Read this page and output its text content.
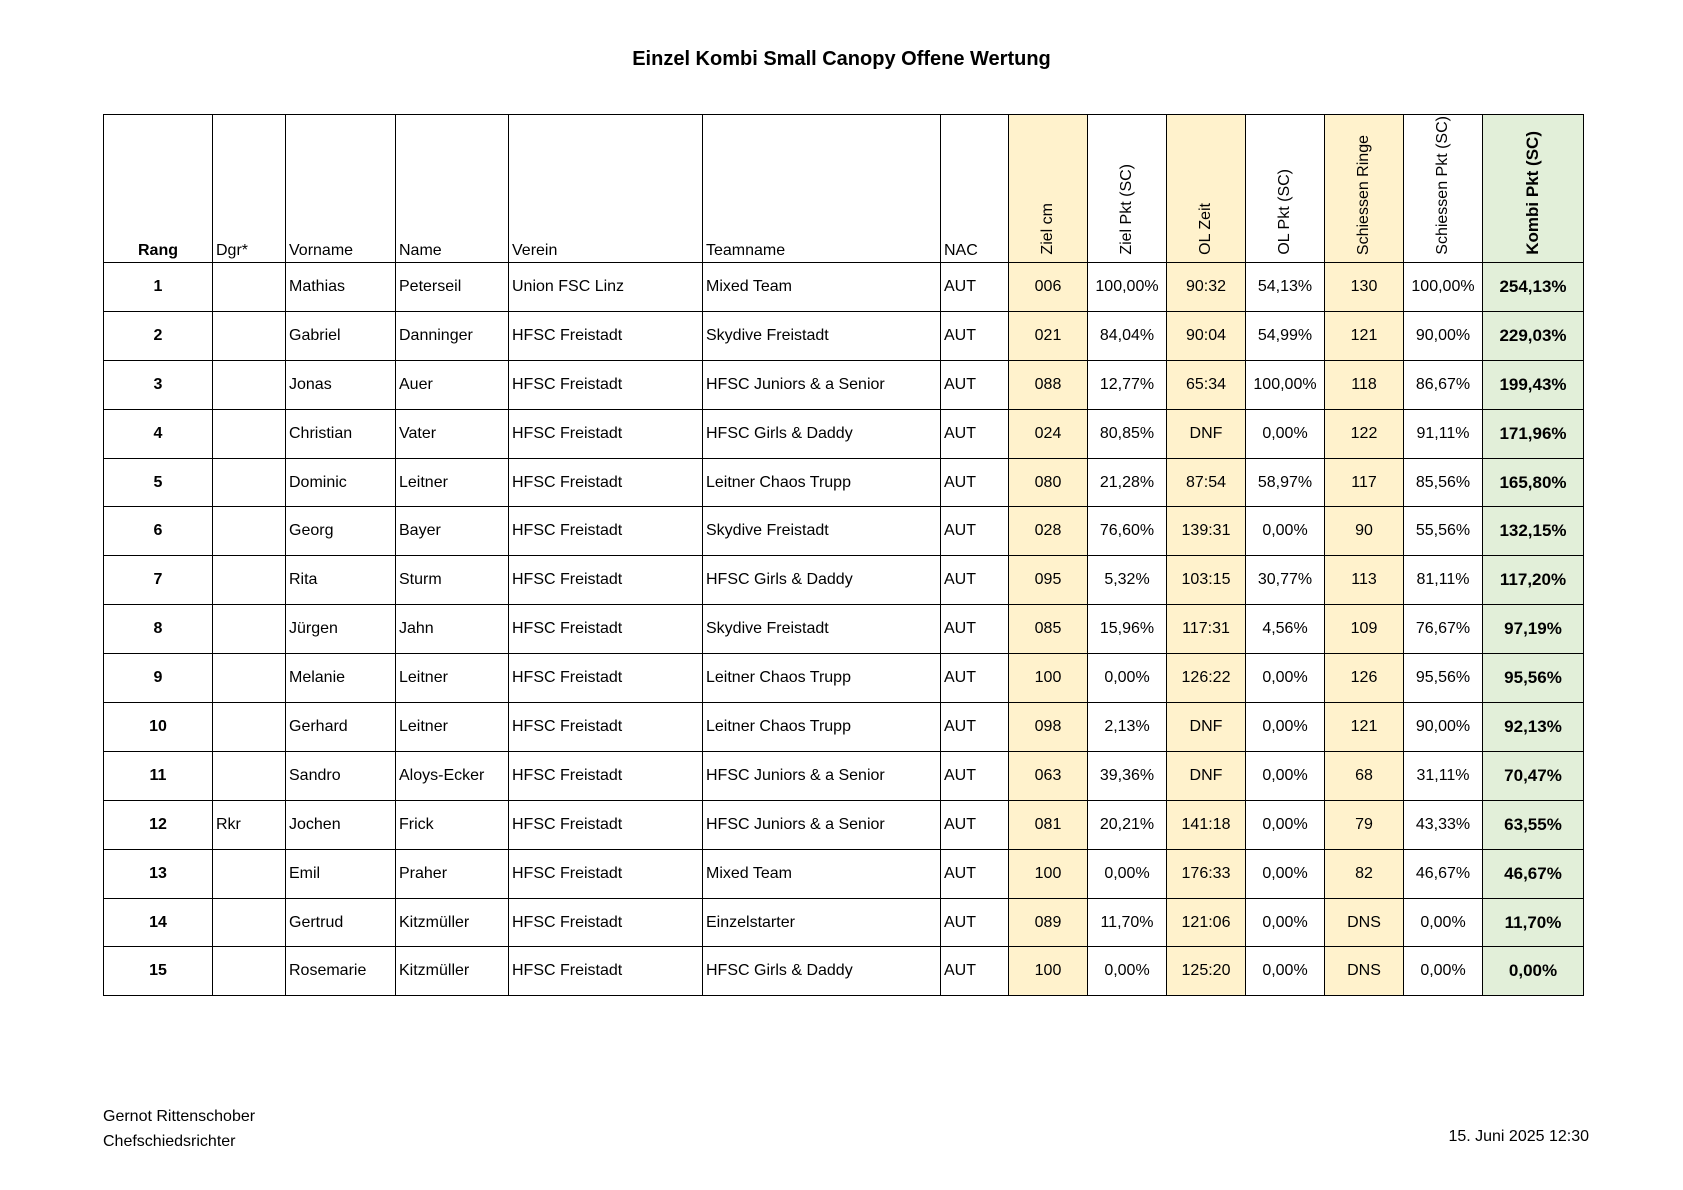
Einzel Kombi Small Canopy Offene Wertung
Rang	Dgr*	Vorname	Name	Verein	Teamname	NAC	Ziel cm	Ziel Pkt (SC)	OL Zeit	OL Pkt (SC)	Schiessen Ringe	Schiessen Pkt (SC)	Kombi Pkt (SC)

1		Mathias	Peterseil	Union FSC Linz	Mixed Team	AUT	006	100,00%	90:32	54,13%	130	100,00%	254,13%
2		Gabriel	Danninger	HFSC Freistadt	Skydive Freistadt	AUT	021	84,04%	90:04	54,99%	121	90,00%	229,03%
3		Jonas	Auer	HFSC Freistadt	HFSC Juniors & a Senior	AUT	088	12,77%	65:34	100,00%	118	86,67%	199,43%
4		Christian	Vater	HFSC Freistadt	HFSC Girls & Daddy	AUT	024	80,85%	DNF	0,00%	122	91,11%	171,96%
5		Dominic	Leitner	HFSC Freistadt	Leitner Chaos Trupp	AUT	080	21,28%	87:54	58,97%	117	85,56%	165,80%
6		Georg	Bayer	HFSC Freistadt	Skydive Freistadt	AUT	028	76,60%	139:31	0,00%	90	55,56%	132,15%
7		Rita	Sturm	HFSC Freistadt	HFSC Girls & Daddy	AUT	095	5,32%	103:15	30,77%	113	81,11%	117,20%
8		Jürgen	Jahn	HFSC Freistadt	Skydive Freistadt	AUT	085	15,96%	117:31	4,56%	109	76,67%	97,19%
9		Melanie	Leitner	HFSC Freistadt	Leitner Chaos Trupp	AUT	100	0,00%	126:22	0,00%	126	95,56%	95,56%
10		Gerhard	Leitner	HFSC Freistadt	Leitner Chaos Trupp	AUT	098	2,13%	DNF	0,00%	121	90,00%	92,13%
11		Sandro	Aloys-Ecker	HFSC Freistadt	HFSC Juniors & a Senior	AUT	063	39,36%	DNF	0,00%	68	31,11%	70,47%
12	Rkr	Jochen	Frick	HFSC Freistadt	HFSC Juniors & a Senior	AUT	081	20,21%	141:18	0,00%	79	43,33%	63,55%
13		Emil	Praher	HFSC Freistadt	Mixed Team	AUT	100	0,00%	176:33	0,00%	82	46,67%	46,67%
14		Gertrud	Kitzmüller	HFSC Freistadt	Einzelstarter	AUT	089	11,70%	121:06	0,00%	DNS	0,00%	11,70%
15		Rosemarie	Kitzmüller	HFSC Freistadt	HFSC Girls & Daddy	AUT	100	0,00%	125:20	0,00%	DNS	0,00%	0,00%
Gernot Rittenschober
Chefschiedsrichter	15. Juni 2025 12:30
